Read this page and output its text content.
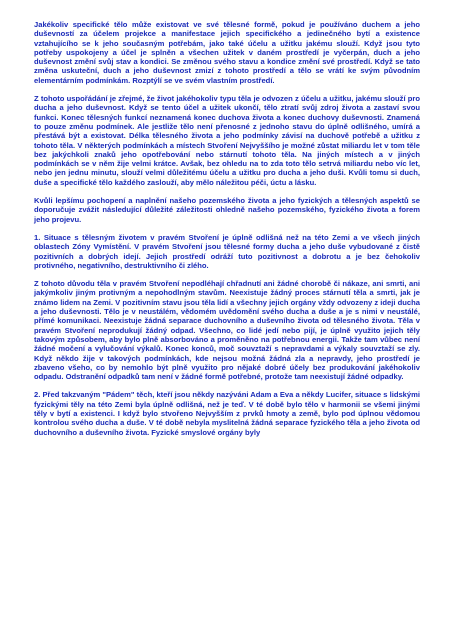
Jakékoliv specifické tělo může existovat ve své tělesné formě, pokud je používáno duchem a jeho duševností za účelem projekce a manifestace jejich specifického a jedinečného bytí a existence vztahujícího se k jeho současným potřebám, jako také účelu a užitku jakému slouží. Když jsou tyto potřeby uspokojeny a účel je splněn a všechen užitek v daném prostředí je vyčerpán, duch a jeho duševnost změní svůj stav a kondici. Se změnou svého stavu a kondice změní své prostředí. Když se tato změna uskuteční, duch a jeho duševnost zmizí z tohoto prostředí a tělo se vrátí ke svým původním elementárním podmínkám. Rozptýlí se ve svém vlastním prostředí.

Z tohoto uspořádání je zřejmé, že život jakéhokoliv typu těla je odvozen z účelu a užitku, jakému slouží pro ducha a jeho duševnost. Když se tento účel a užitek ukončí, tělo ztratí svůj zdroj života a zastaví svou funkci. Konec tělesných funkcí neznamená konec duchova života a konec duchovy duševnosti. Znamená to pouze změnu podmínek. Ale jestliže tělo není přenosné z jednoho stavu do úplně odlišného, umírá a přestává být a existovat. Délka tělesného života a jeho podmínky závisí na duchově potřebě a užitku z tohoto těla. V některých podmínkách a místech Stvoření Nejvyššího je možné zůstat miliardu let v tom těle bez jakýchkoli znaků jeho opotřebování nebo stárnutí tohoto těla. Na jiných místech a v jiných podmínkách se v něm žije velmi krátce. Avšak, bez ohledu na to zda toto tělo setrvá miliardu nebo víc let, nebo jen jednu minutu, slouží velmi důležitému účelu a užitku pro ducha a jeho duši. Kvůli tomu si duch, duše a specifické tělo každého zaslouží, aby mělo náležitou péči, úctu a lásku.

Kvůli lepšímu pochopení a naplnění našeho pozemského života a jeho fyzických a tělesných aspektů se doporučuje zvážit následující důležité záležitosti ohledně našeho pozemského, fyzického života a forem jeho projevu.

1. Situace s tělesným životem v pravém Stvoření je úplně odlišná než na této Zemi a ve všech jiných oblastech Zóny Vymístění. V pravém Stvoření jsou tělesné formy ducha a jeho duše vybudované z čistě pozitivních a dobrých idejí. Jejich prostředí odráží tuto pozitivnost a dobrotu a je bez čehokoliv protivného, negativního, destruktivního či zlého.

Z tohoto důvodu těla v pravém Stvoření nepodléhají chřadnutí ani žádné chorobě či nákaze, ani smrti, ani jakýmkoliv jiným protivným a nepohodlným stavům. Neexistuje žádný proces stárnutí těla a smrti, jak je známo lidem na Zemi. V pozitivním stavu jsou těla lidí a všechny jejich orgány vždy odvozeny z ideji ducha a jeho duševnosti. Tělo je v neustálém, vědomém uvědomění svého ducha a duše a je s nimi v neustálé, přímé komunikaci. Neexistuje žádná separace duchovního a duševního života od tělesného života. Těla v pravém Stvoření neprodukují žádný odpad. Všechno, co lidé jedí nebo pijí, je úplně využito jejich těly takovým způsobem, aby bylo plně absorbováno a proměněno na potřebnou energii. Takže tam vůbec není žádné močení a vylučování výkalů. Konec konců, moč souvztaží s nepravdami a výkaly souvztaží se zly. Když někdo žije v takových podmínkách, kde nejsou možná žádná zla a nepravdy, jeho prostředí je zbaveno všeho, co by nemohlo být plně využito pro nějaké dobré účely bez produkování jakéhokoliv odpadu. Odstranění odpadků tam není v žádné formě potřebné, protože tam neexistují žádné odpadky.

2. Před takzvaným "Pádem" těch, kteří jsou někdy nazýváni Adam a Eva a někdy Lucifer, situace s lidskými fyzickými těly na této Zemi byla úplně odlišná, než je teď. V té době bylo tělo v harmonii se všemi jinými těly v bytí a existenci. I když bylo stvořeno Nejvyšším z prvků hmoty a země, bylo pod úplnou vědomou kontrolou svého ducha a duše. V té době nebyla myslitelná žádná separace fyzického těla a jeho života od duchovního a duševního života. Fyzické smyslové orgány byly
